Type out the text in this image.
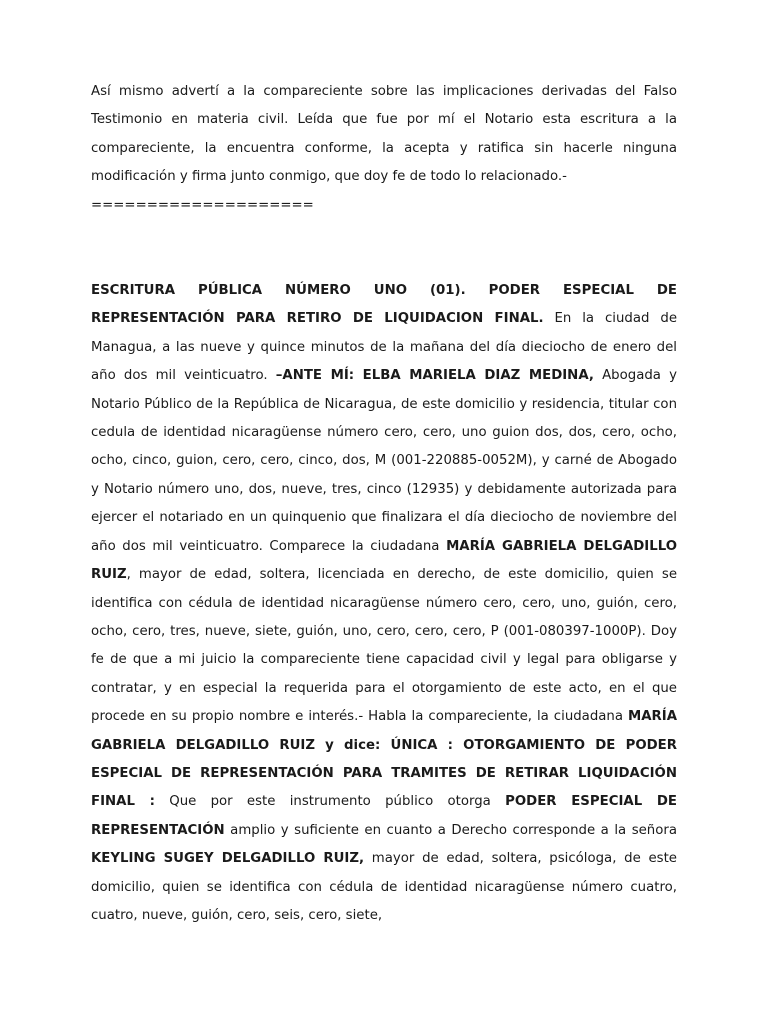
Así mismo advertí a la compareciente sobre las implicaciones derivadas del Falso Testimonio en materia civil. Leída que fue por mí el Notario esta escritura a la compareciente, la encuentra conforme, la acepta y ratifica sin hacerle ninguna modificación y firma junto conmigo, que doy fe de todo lo relacionado.-
====================

ESCRITURA PÚBLICA NÚMERO UNO (01). PODER ESPECIAL DE REPRESENTACIÓN PARA RETIRO DE LIQUIDACION FINAL. En la ciudad de Managua, a las nueve y quince minutos de la mañana del día dieciocho de enero del año dos mil veinticuatro. –ANTE MÍ: ELBA MARIELA DIAZ MEDINA, Abogada y Notario Público de la República de Nicaragua, de este domicilio y residencia, titular con cedula de identidad nicaragüense número cero, cero, uno guion dos, dos, cero, ocho, ocho, cinco, guion, cero, cero, cinco, dos, M (001-220885-0052M), y carné de Abogado y Notario número uno, dos, nueve, tres, cinco (12935) y debidamente autorizada para ejercer el notariado en un quinquenio que finalizara el día dieciocho de noviembre del año dos mil veinticuatro. Comparece la ciudadana MARÍA GABRIELA DELGADILLO RUIZ, mayor de edad, soltera, licenciada en derecho, de este domicilio, quien se identifica con cédula de identidad nicaragüense número cero, cero, uno, guión, cero, ocho, cero, tres, nueve, siete, guión, uno, cero, cero, cero, P (001-080397-1000P). Doy fe de que a mi juicio la compareciente tiene capacidad civil y legal para obligarse y contratar, y en especial la requerida para el otorgamiento de este acto, en el que procede en su propio nombre e interés.- Habla la compareciente, la ciudadana MARÍA GABRIELA DELGADILLO RUIZ y dice: ÚNICA : OTORGAMIENTO DE PODER ESPECIAL DE REPRESENTACIÓN PARA TRAMITES DE RETIRAR LIQUIDACIÓN FINAL : Que por este instrumento público otorga PODER ESPECIAL DE REPRESENTACIÓN amplio y suficiente en cuanto a Derecho corresponde a la señora KEYLING SUGEY DELGADILLO RUIZ, mayor de edad, soltera, psicóloga, de este domicilio, quien se identifica con cédula de identidad nicaragüense número cuatro, cuatro, nueve, guión, cero, seis, cero, siete,
